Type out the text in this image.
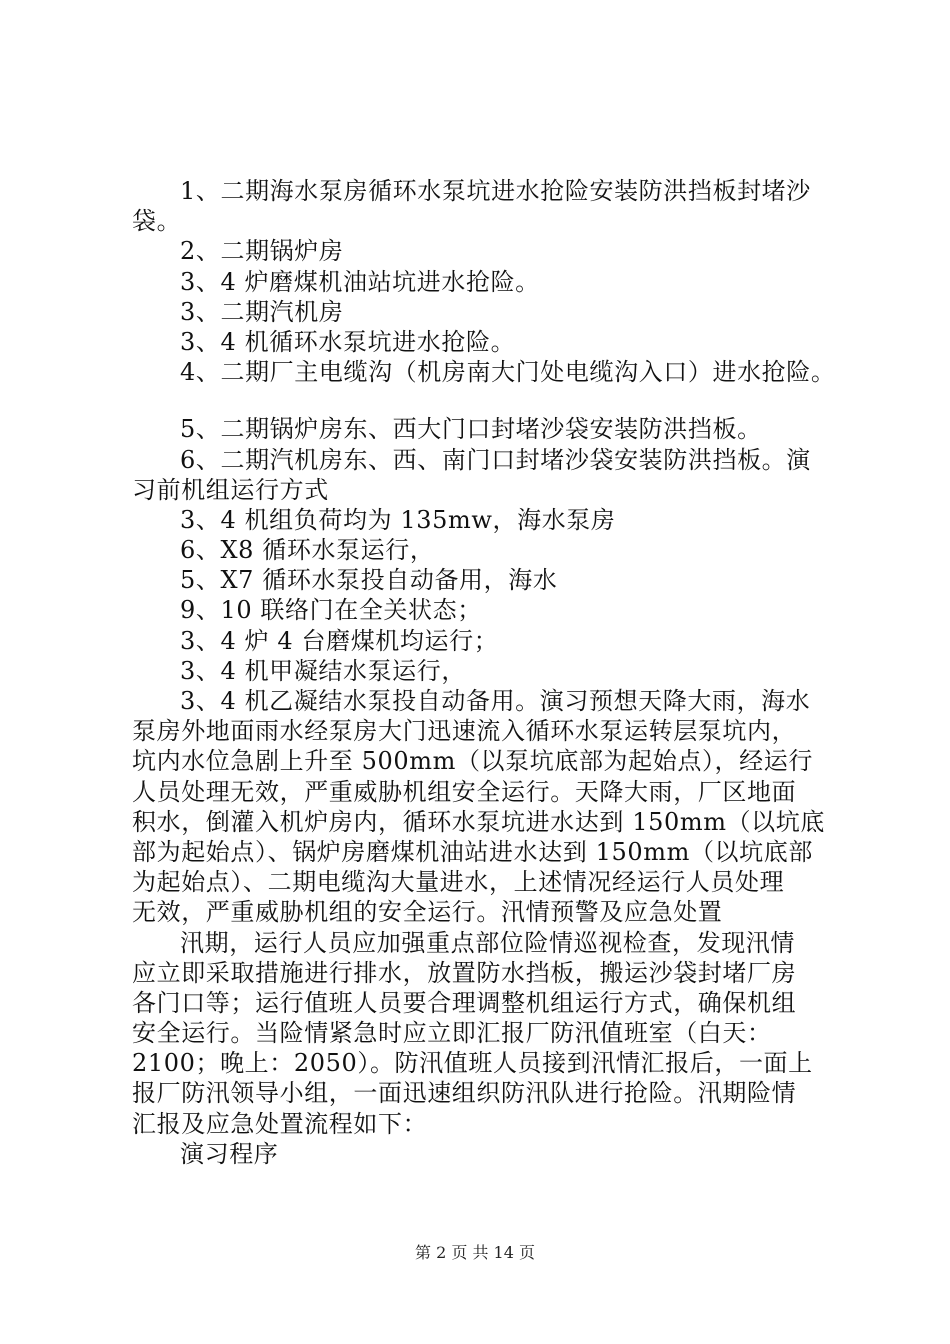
1、二期海水泵房循环水泵坑进水抢险安装防洪挡板封堵沙
袋。
2、二期锅炉房
3、4 炉磨煤机油站坑进水抢险。
3、二期汽机房
3、4 机循环水泵坑进水抢险。
4、二期厂主电缆沟（机房南大门处电缆沟入口）进水抢险。
5、二期锅炉房东、西大门口封堵沙袋安装防洪挡板。
6、二期汽机房东、西、南门口封堵沙袋安装防洪挡板。演
习前机组运行方式
3、4 机组负荷均为 135mw，海水泵房
6、X8 循环水泵运行，
5、X7 循环水泵投自动备用，海水
9、10 联络门在全关状态；
3、4 炉 4 台磨煤机均运行；
3、4 机甲凝结水泵运行，
3、4 机乙凝结水泵投自动备用。演习预想天降大雨，海水
泵房外地面雨水经泵房大门迅速流入循环水泵运转层泵坑内，
坑内水位急剧上升至 500mm（以泵坑底部为起始点），经运行
人员处理无效，严重威胁机组安全运行。天降大雨，厂区地面
积水，倒灌入机炉房内，循环水泵坑进水达到 150mm（以坑底
部为起始点）、锅炉房磨煤机油站进水达到 150mm（以坑底部
为起始点）、二期电缆沟大量进水，上述情况经运行人员处理
无效，严重威胁机组的安全运行。汛情预警及应急处置
汛期，运行人员应加强重点部位险情巡视检查，发现汛情
应立即采取措施进行排水，放置防水挡板，搬运沙袋封堵厂房
各门口等；运行值班人员要合理调整机组运行方式，确保机组
安全运行。当险情紧急时应立即汇报厂防汛值班室（白天：
2100；晚上：2050）。防汛值班人员接到汛情汇报后，一面上
报厂防汛领导小组，一面迅速组织防汛队进行抢险。汛期险情
汇报及应急处置流程如下：
演习程序
第 2 页 共 14 页
